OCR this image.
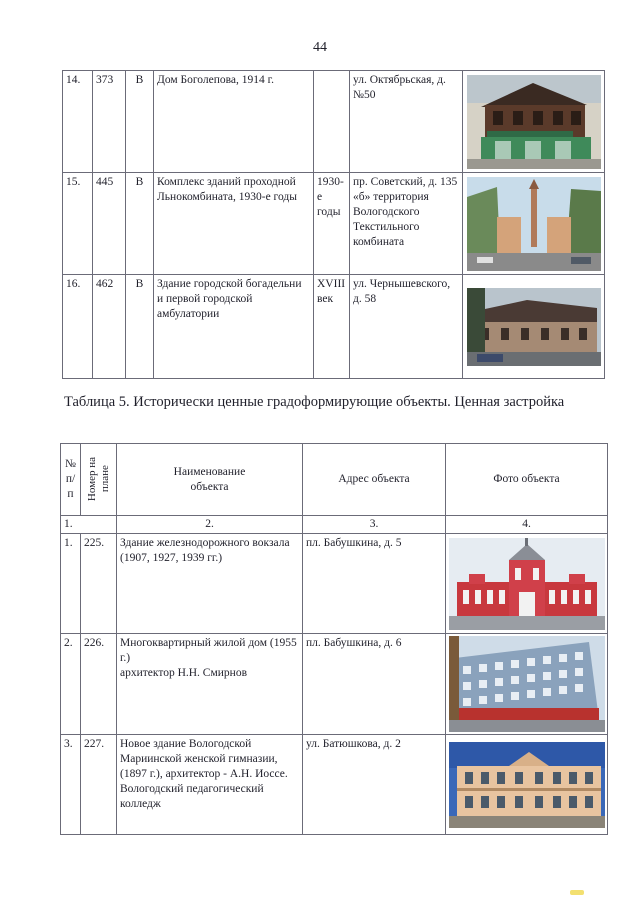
44
14.	373	В	Дом Боголепова, 1914 г.		ул. Октябрьская, д. №50	

15.	445	В	Комплекс зданий проходной Льнокомбината, 1930-е годы	1930-е годы	пр. Советский, д. 135 «б» территория Вологодского Текстильного комбината	

16.	462	В	Здание городской богадельни и первой городской амбулатории	XVIII век	ул. Чернышевского, д. 58	
Таблица 5. Исторически ценные градоформирующие объекты. Ценная застройка
№
п/п	Номер на
плане	Наименование
объекта	Адрес объекта	Фото объекта
1.		2.	3.	4.
1.	225.	Здание железнодорожного вокзала (1907, 1927, 1939 гг.)	пл. Бабушкина, д. 5	

2.	226.	Многоквартирный жилой дом (1955 г.)
архитектор Н.Н. Смирнов	пл. Бабушкина, д. 6	

3.	227.	Новое здание Вологодской Мариинской женской гимназии, (1897 г.), архитектор - А.Н. Иоссе.
Вологодский педагогический колледж	ул. Батюшкова, д. 2	
